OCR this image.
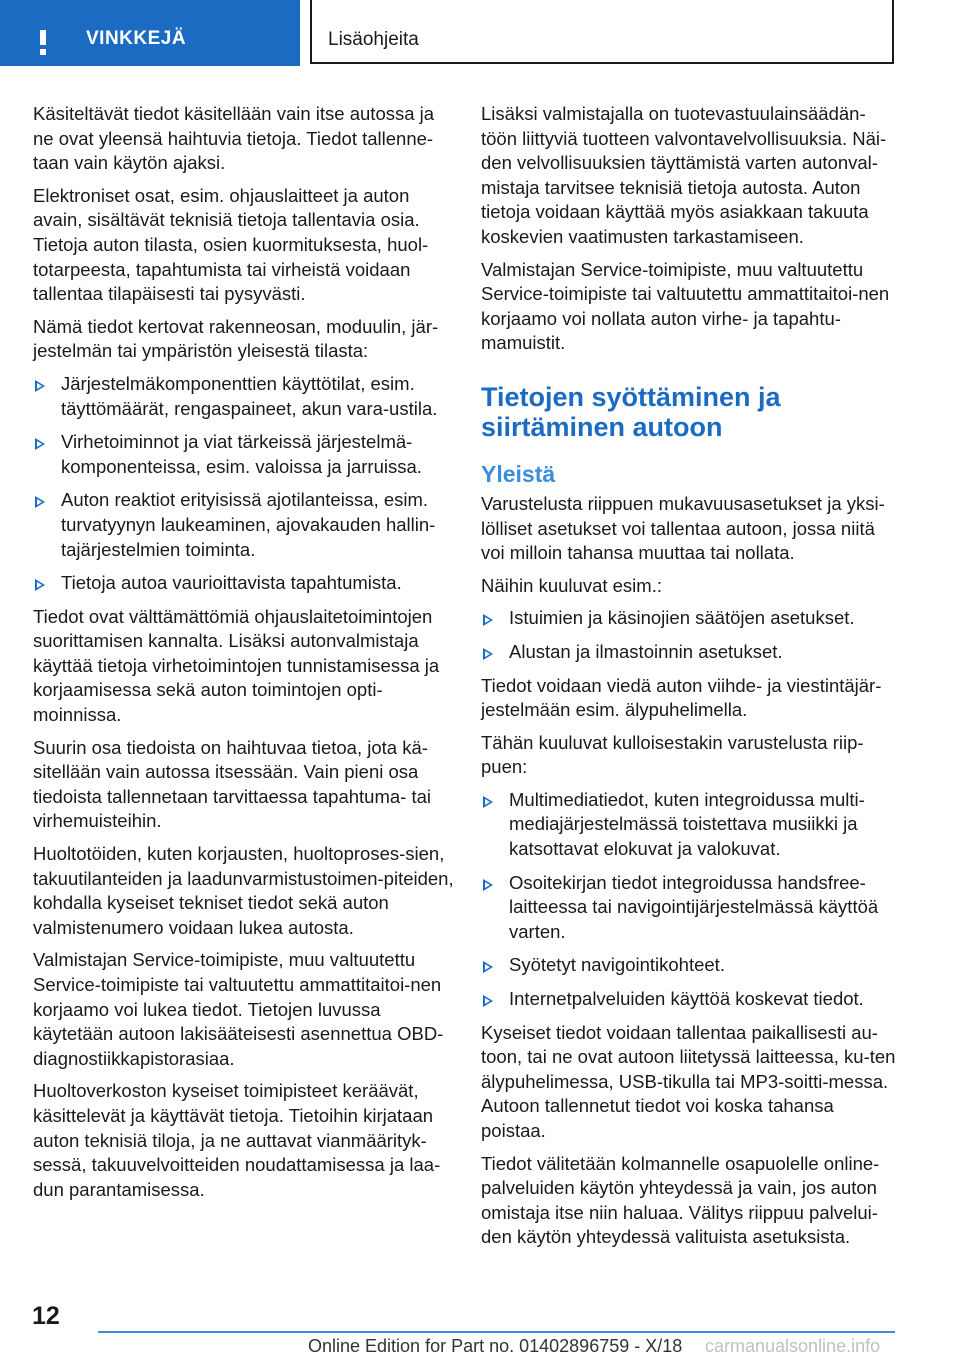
VINKKEJÄ	Lisäohjeita

Käsiteltävät tiedot käsitellään vain itse autossa ja ne ovat yleensä haihtuvia tietoja. Tiedot tallenne-taan vain käytön ajaksi.

Elektroniset osat, esim. ohjauslaitteet ja auton avain, sisältävät teknisiä tietoja tallentavia osia. Tietoja auton tilasta, osien kuormituksesta, huol-totarpeesta, tapahtumista tai virheistä voidaan tallentaa tilapäisesti tai pysyvästi.

Nämä tiedot kertovat rakenneosan, moduulin, jär-jestelmän tai ympäristön yleisestä tilasta:

Järjestelmäkomponenttien käyttötilat, esim. täyttömäärät, rengaspaineet, akun vara-ustila.
Virhetoiminnot ja viat tärkeissä järjestelmä-komponenteissa, esim. valoissa ja jarruissa.
Auton reaktiot erityisissä ajotilanteissa, esim. turvatyynyn laukeaminen, ajovakauden hallin-tajärjestelmien toiminta.
Tietoja autoa vaurioittavista tapahtumista.

Tiedot ovat välttämättömiä ohjauslaitetoimintojen suorittamisen kannalta. Lisäksi autonvalmistaja käyttää tietoja virhetoimintojen tunnistamisessa ja korjaamisessa sekä auton toimintojen opti-moinnissa.

Suurin osa tiedoista on haihtuvaa tietoa, jota kä-sitellään vain autossa itsessään. Vain pieni osa tiedoista tallennetaan tarvittaessa tapahtuma- tai virhemuisteihin.

Huoltotöiden, kuten korjausten, huoltoproses-sien, takuutilanteiden ja laadunvarmistustoimen-piteiden, kohdalla kyseiset tekniset tiedot sekä auton valmistenumero voidaan lukea autosta.

Valmistajan Service-toimipiste, muu valtuutettu Service-toimipiste tai valtuutettu ammattitaitoi-nen korjaamo voi lukea tiedot. Tietojen luvussa käytetään autoon lakisääteisesti asennettua OBD-diagnostiikkapistorasiaa.

Huoltoverkoston kyseiset toimipisteet keräävät, käsittelevät ja käyttävät tietoja. Tietoihin kirjataan auton teknisiä tiloja, ja ne auttavat vianmäärityk-sessä, takuuvelvoitteiden noudattamisessa ja laa-dun parantamisessa.

Lisäksi valmistajalla on tuotevastuulainsäädän-töön liittyviä tuotteen valvontavelvollisuuksia. Näi-den velvollisuuksien täyttämistä varten autonval-mistaja tarvitsee teknisiä tietoja autosta. Auton tietoja voidaan käyttää myös asiakkaan takuuta koskevien vaatimusten tarkastamiseen.

Valmistajan Service-toimipiste, muu valtuutettu Service-toimipiste tai valtuutettu ammattitaitoi-nen korjaamo voi nollata auton virhe- ja tapahtu-mamuistit.

Tietojen syöttäminen ja siirtäminen autoon
Yleistä

Varustelusta riippuen mukavuusasetukset ja yksi-lölliset asetukset voi tallentaa autoon, jossa niitä voi milloin tahansa muuttaa tai nollata.

Näihin kuuluvat esim.:

Istuimien ja käsinojien säätöjen asetukset.
Alustan ja ilmastoinnin asetukset.

Tiedot voidaan viedä auton viihde- ja viestintäjär-jestelmään esim. älypuhelimella.

Tähän kuuluvat kulloisestakin varustelusta riip-puen:

Multimediatiedot, kuten integroidussa multi-mediajärjestelmässä toistettava musiikki ja katsottavat elokuvat ja valokuvat.
Osoitekirjan tiedot integroidussa handsfree-laitteessa tai navigointijärjestelmässä käyttöä varten.
Syötetyt navigointikohteet.
Internetpalveluiden käyttöä koskevat tiedot.

Kyseiset tiedot voidaan tallentaa paikallisesti au-toon, tai ne ovat autoon liitetyssä laitteessa, ku-ten älypuhelimessa, USB-tikulla tai MP3-soitti-messa. Autoon tallennetut tiedot voi koska tahansa poistaa.

Tiedot välitetään kolmannelle osapuolelle online-palveluiden käytön yhteydessä ja vain, jos auton omistaja itse niin haluaa. Välitys riippuu palvelui-den käytön yhteydessä valituista asetuksista.

12
Online Edition for Part no. 01402896759 - X/18 carmanualsonline.info
